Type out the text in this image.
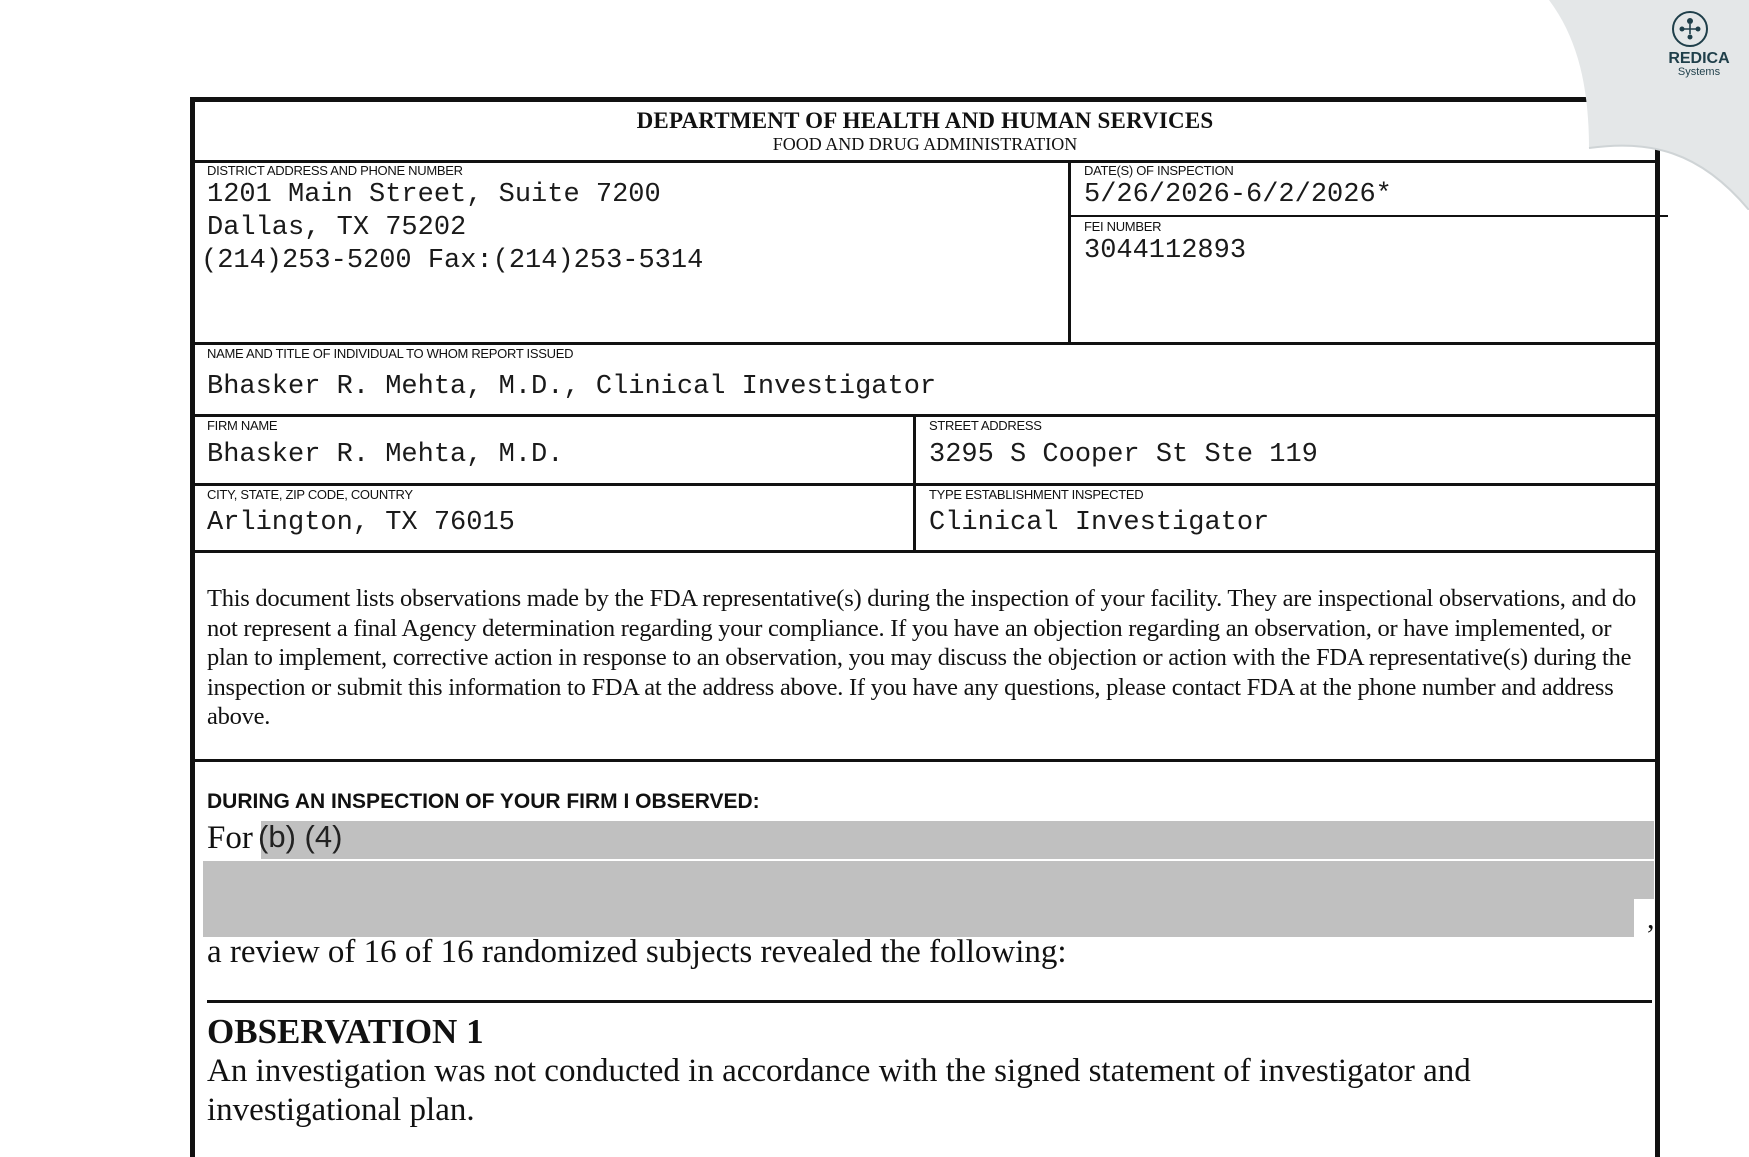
DEPARTMENT OF HEALTH AND HUMAN SERVICES
FOOD AND DRUG ADMINISTRATION
DISTRICT ADDRESS AND PHONE NUMBER
1201 Main Street, Suite 7200
Dallas, TX 75202
(214)253-5200 Fax:(214)253-5314
DATE(S) OF INSPECTION
5/26/2026-6/2/2026*
FEI NUMBER
3044112893
NAME AND TITLE OF INDIVIDUAL TO WHOM REPORT ISSUED
Bhasker R. Mehta, M.D., Clinical Investigator
FIRM NAME
Bhasker R. Mehta, M.D.
STREET ADDRESS
3295 S Cooper St Ste 119
CITY, STATE, ZIP CODE, COUNTRY
Arlington, TX 76015
TYPE ESTABLISHMENT INSPECTED
Clinical Investigator
This document lists observations made by the FDA representative(s) during the inspection of your facility. They are inspectional observations, and do not represent a final Agency determination regarding your compliance. If you have an objection regarding an observation, or have implemented, or plan to implement, corrective action in response to an observation, you may discuss the objection or action with the FDA representative(s) during the inspection or submit this information to FDA at the address above. If you have any questions, please contact FDA at the phone number and address above.
DURING AN INSPECTION OF YOUR FIRM I OBSERVED:
For (b) (4)
,
a review of 16 of 16 randomized subjects revealed the following:
OBSERVATION 1
An investigation was not conducted in accordance with the signed statement of investigator and investigational plan.
REDICA
Systems
